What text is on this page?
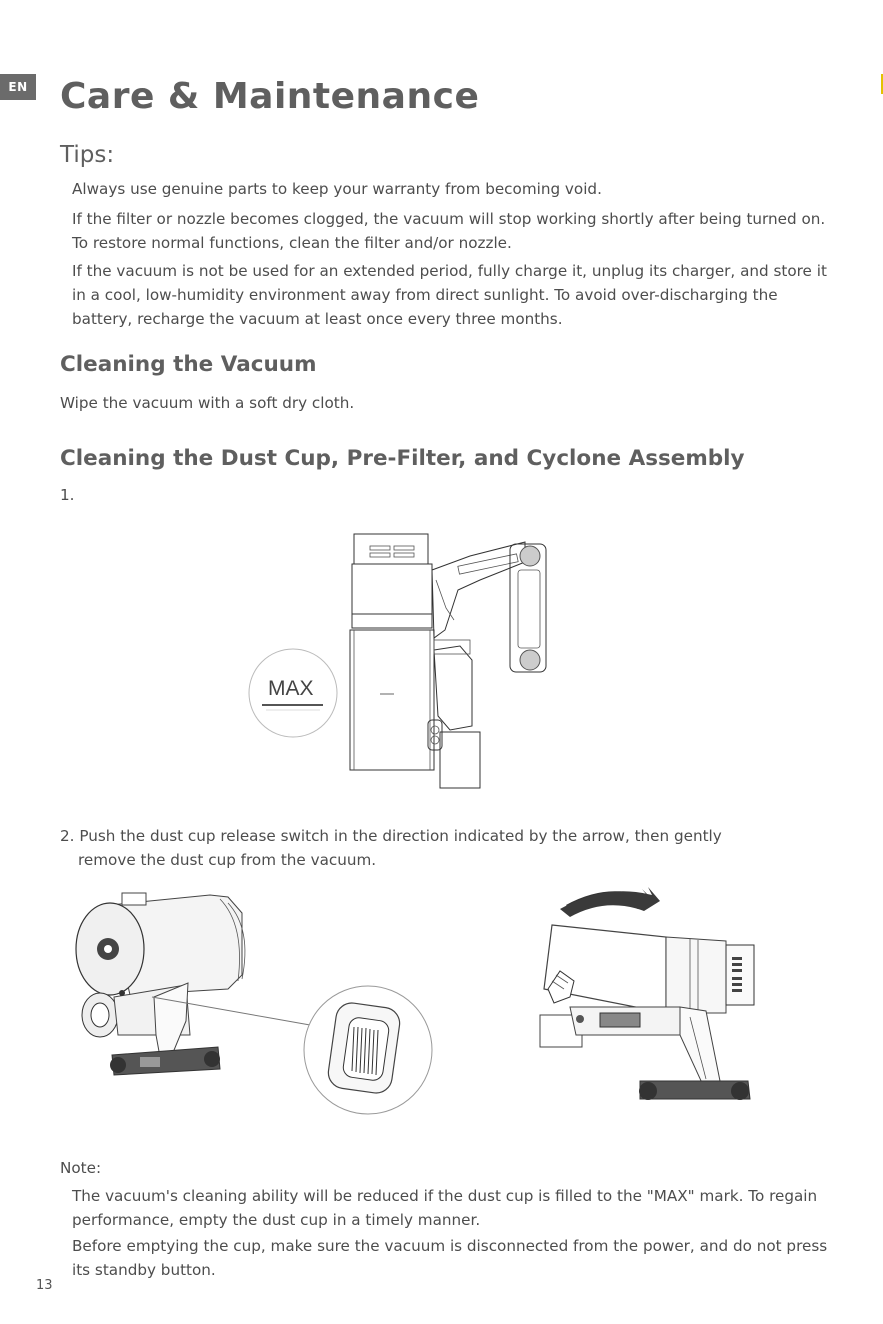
EN Care & Maintenance
Tips:

Always use genuine parts to keep your warranty from becoming void.

If the filter or nozzle becomes clogged, the vacuum will stop working shortly after being turned on. To restore normal functions, clean the filter and/or nozzle.

If the vacuum is not be used for an extended period, fully charge it, unplug its charger, and store it in a cool, low-humidity environment away from direct sunlight. To avoid over-discharging the battery, recharge the vacuum at least once every three months.

Cleaning the Vacuum
Wipe the vacuum with a soft dry cloth.
Cleaning the Dust Cup, Pre-Filter, and Cyclone Assembly
1.
MAX
2. Push the dust cup release switch in the direction indicated by the arrow, then gently
remove the dust cup from the vacuum.
2
Note:

The vacuum's cleaning ability will be reduced if the dust cup is filled to the "MAX" mark. To regain performance, empty the dust cup in a timely manner.

Before emptying the cup, make sure the vacuum is disconnected from the power, and do not press its standby button.

13
